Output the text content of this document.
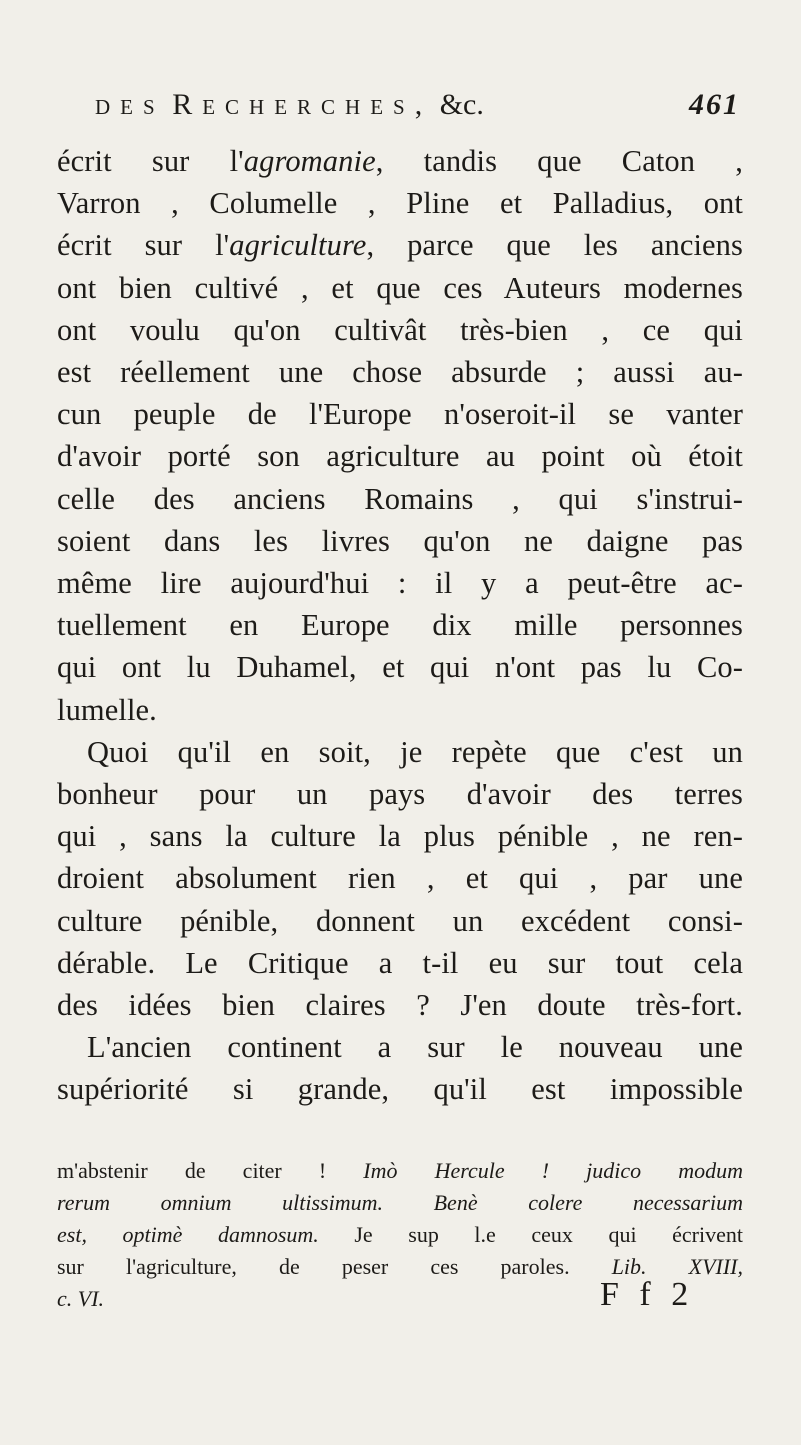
des Recherches, &c.	461
écrit sur l'agromanie, tandis que Caton ,
Varron , Columelle , Pline et Palladius, ont
écrit sur l'agriculture, parce que les anciens
ont bien cultivé , et que ces Auteurs modernes
ont voulu qu'on cultivât très-bien , ce qui
est réellement une chose absurde ; aussi au-
cun peuple de l'Europe n'oseroit-il se vanter
d'avoir porté son agriculture au point où étoit
celle des anciens Romains , qui s'instrui-
soient dans les livres qu'on ne daigne pas
même lire aujourd'hui : il y a peut-être ac-
tuellement en Europe dix mille personnes
qui ont lu Duhamel, et qui n'ont pas lu Co-
lumelle.
Quoi qu'il en soit, je repète que c'est un
bonheur pour un pays d'avoir des terres
qui , sans la culture la plus pénible , ne ren-
droient absolument rien , et qui , par une
culture pénible, donnent un excédent consi-
dérable. Le Critique a t-il eu sur tout cela
des idées bien claires ? J'en doute très-fort.
L'ancien continent a sur le nouveau une
supériorité si grande, qu'il est impossible
m'abstenir de citer ! Imò Hercule ! judico modum
rerum omnium ultissimum. Benè colere necessarium
est, optimè damnosum. Je sup l.e ceux qui écrivent
sur l'agriculture, de peser ces paroles. Lib. XVIII,
c. VI.	F f 2
